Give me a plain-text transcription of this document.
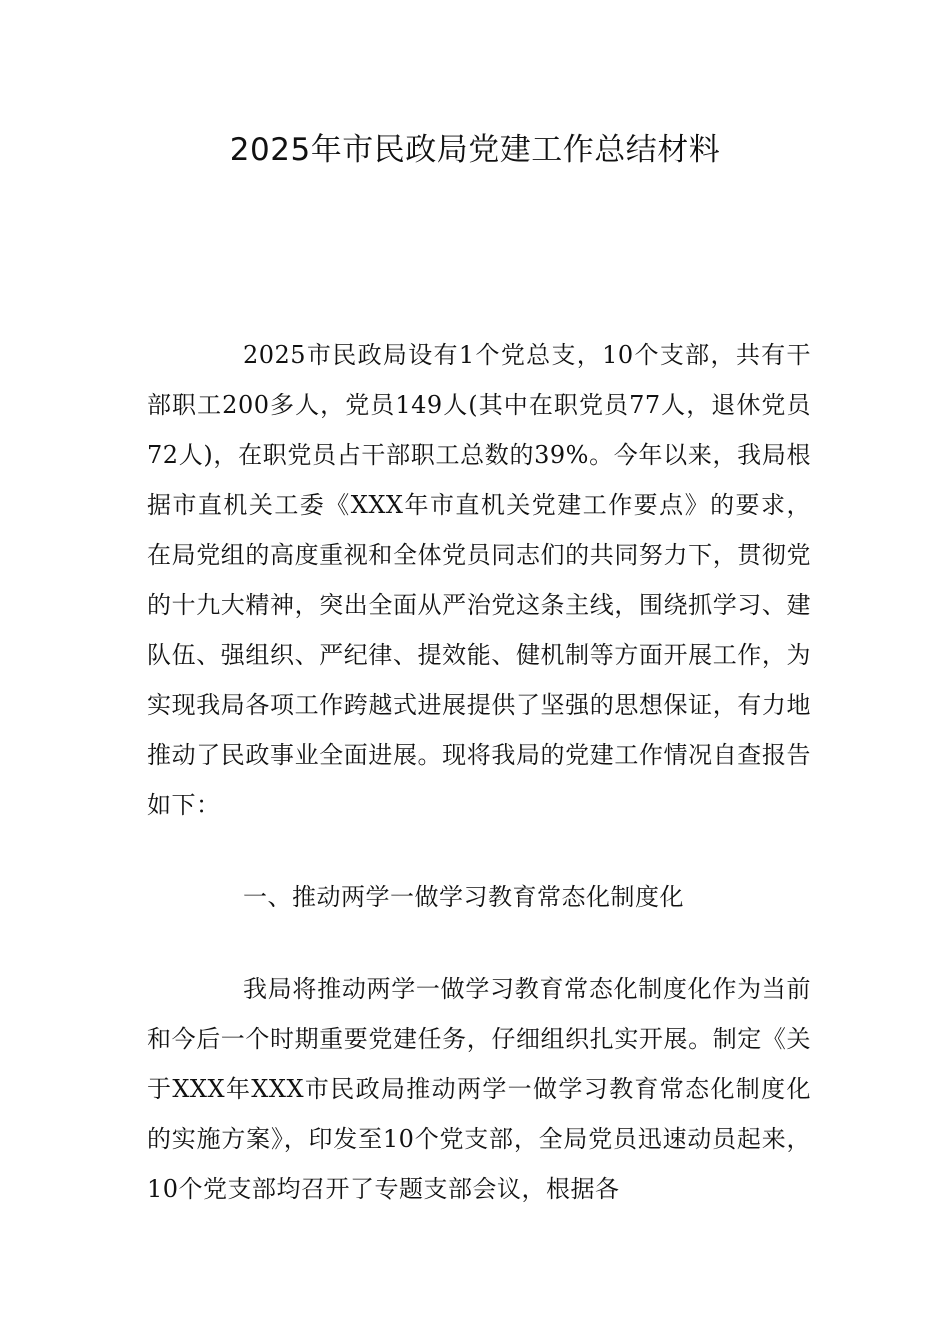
2025年市民政局党建工作总结材料

2025市民政局设有1个党总支，10个支部，共有干部职工200多人，党员149人(其中在职党员77人，退休党员72人)，在职党员占干部职工总数的39%。今年以来，我局根据市直机关工委《XXX年市直机关党建工作要点》的要求，在局党组的高度重视和全体党员同志们的共同努力下，贯彻党的十九大精神，突出全面从严治党这条主线，围绕抓学习、建队伍、强组织、严纪律、提效能、健机制等方面开展工作，为实现我局各项工作跨越式进展提供了坚强的思想保证，有力地推动了民政事业全面进展。现将我局的党建工作情况自查报告如下：

一、推动两学一做学习教育常态化制度化

我局将推动两学一做学习教育常态化制度化作为当前和今后一个时期重要党建任务，仔细组织扎实开展。制定《关于XXX年XXX市民政局推动两学一做学习教育常态化制度化的实施方案》，印发至10个党支部，全局党员迅速动员起来，10个党支部均召开了专题支部会议，根据各
